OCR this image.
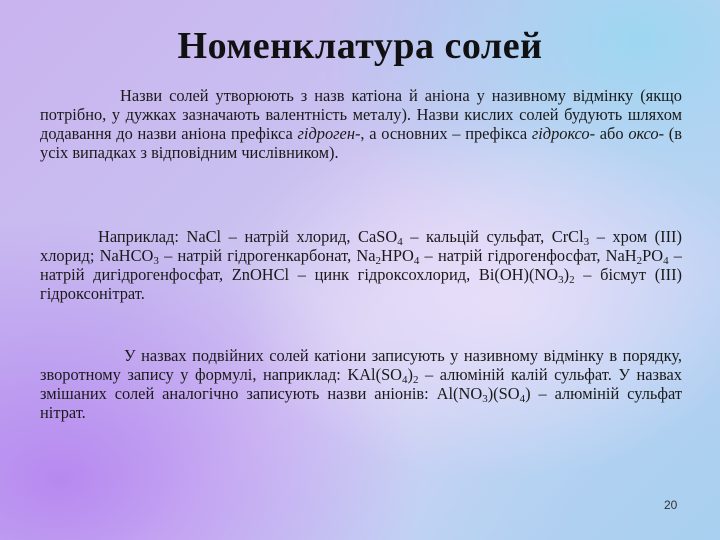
Номенклатура солей

Назви солей утворюють з назв катіона й аніона у називному відмінку (якщо потрібно, у дужках зазначають валентність металу). Назви кислих солей будують шляхом додавання до назви аніона префікса гідроген-, а основних – префікса гідроксо- або оксо- (в усіх випадках з відповідним числівником).

Наприклад: NaCl – натрій хлорид, CaSO$_4$ – кальцій сульфат, CrCl$_3$ – хром (III) хлорид; NaHCO$_3$ – натрій гідрогенкарбонат, $Na_2HPO_4$ – натрій гідрогенфосфат, $NaH_2PO_4$ – натрій дигідрогенфосфат, ZnOHCl – цинк гідроксохлорид, $Bi(OH)(NO_3)_2$ – бісмут (III) гідроксонітрат.

У назвах подвійних солей катіони записують у називному відмінку в порядку, зворотному запису у формулі, наприклад: $KAl(SO_4)_2$ – алюміній калій сульфат. У назвах змішаних солей аналогічно записують назви аніонів: $Al(NO_3)(SO_4)$ – алюміній сульфат нітрат.

20
